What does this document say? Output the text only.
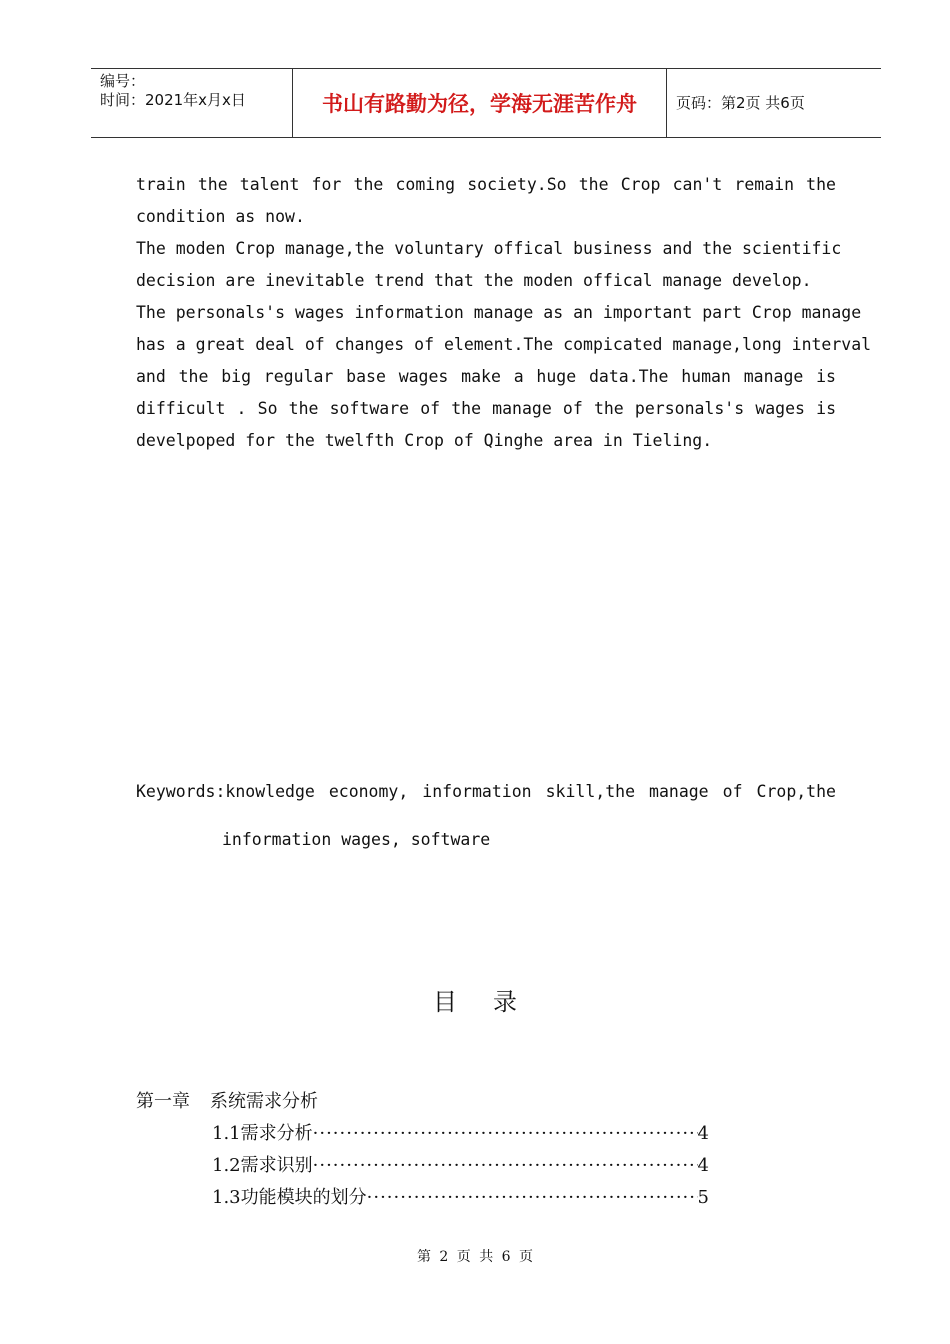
编号：
时间：2021年x月x日	书山有路勤为径，学海无涯苦作舟	页码：第2页 共6页
train the talent for the coming society.So the Crop can't remain the
condition as now.
The moden Crop manage,the voluntary offical business and the scientific
decision are inevitable trend that the moden offical manage develop.
The personals's wages information manage as an important part Crop manage
has a great deal of changes of element.The compicated manage,long interval
and the big regular base wages make a huge data.The human manage is
difficult . So the software of the manage of the personals's wages is
develpoped for the twelfth Crop of Qinghe area in Tieling.
Keywords:knowledge economy, information skill,the manage of Crop,the
information wages, software
目录
第一章 系统需求分析
1.1需求分析 ·····	4
1.2需求识别 ·····	4
1.3功能模块的划分 ·····	5
第 2 页 共 6 页
